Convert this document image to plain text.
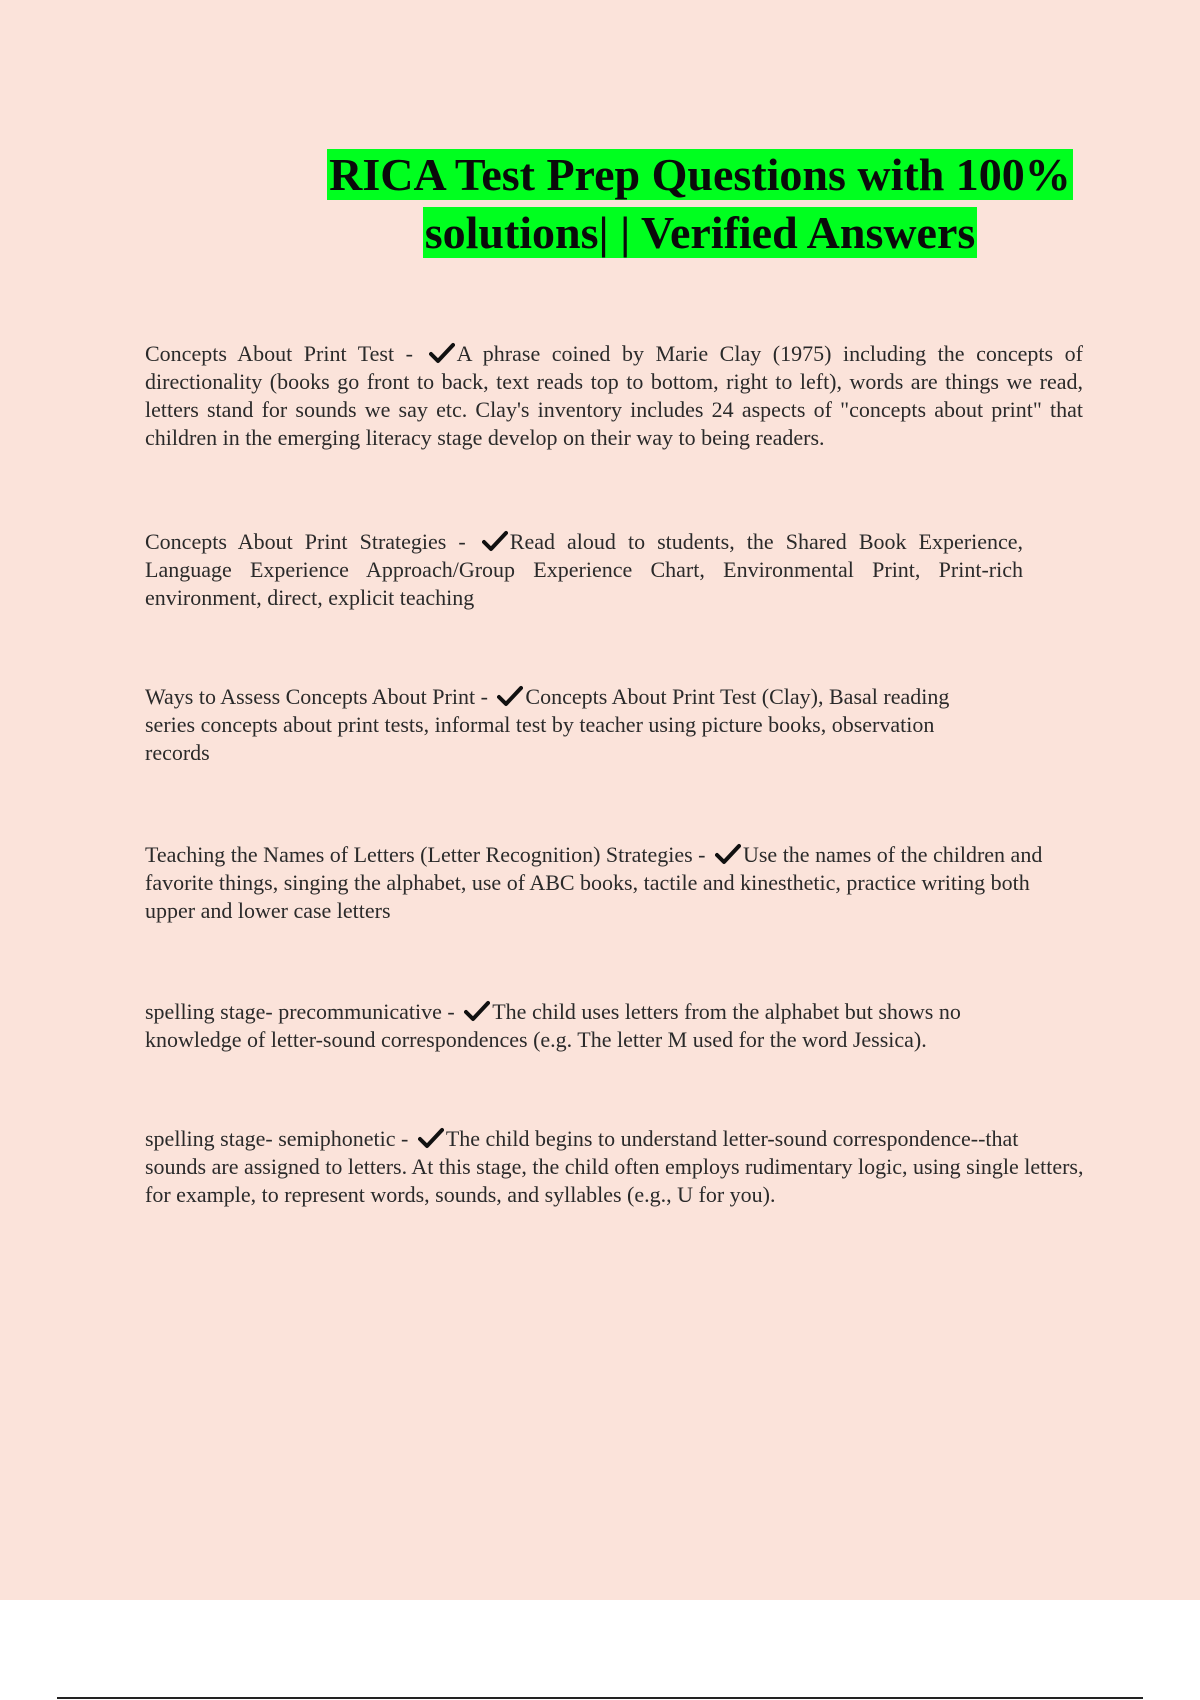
RICA Test Prep Questions with 100%
solutions| | Verified Answers

Concepts About Print Test - A phrase coined by Marie Clay (1975) including the concepts of directionality (books go front to back, text reads top to bottom, right to left), words are things we read, letters stand for sounds we say etc. Clay's inventory includes 24 aspects of "concepts about print" that children in the emerging literacy stage develop on their way to being readers.

Concepts About Print Strategies - Read aloud to students, the Shared Book Experience, Language Experience Approach/Group Experience Chart, Environmental Print, Print-rich environment, direct, explicit teaching

Ways to Assess Concepts About Print - Concepts About Print Test (Clay), Basal reading series concepts about print tests, informal test by teacher using picture books, observation records

Teaching the Names of Letters (Letter Recognition) Strategies - Use the names of the children and favorite things, singing the alphabet, use of ABC books, tactile and kinesthetic, practice writing both upper and lower case letters

spelling stage- precommunicative - The child uses letters from the alphabet but shows no knowledge of letter-sound correspondences (e.g. The letter M used for the word Jessica).

spelling stage- semiphonetic - The child begins to understand letter-sound correspondence--that sounds are assigned to letters. At this stage, the child often employs rudimentary logic, using single letters, for example, to represent words, sounds, and syllables (e.g., U for you).
